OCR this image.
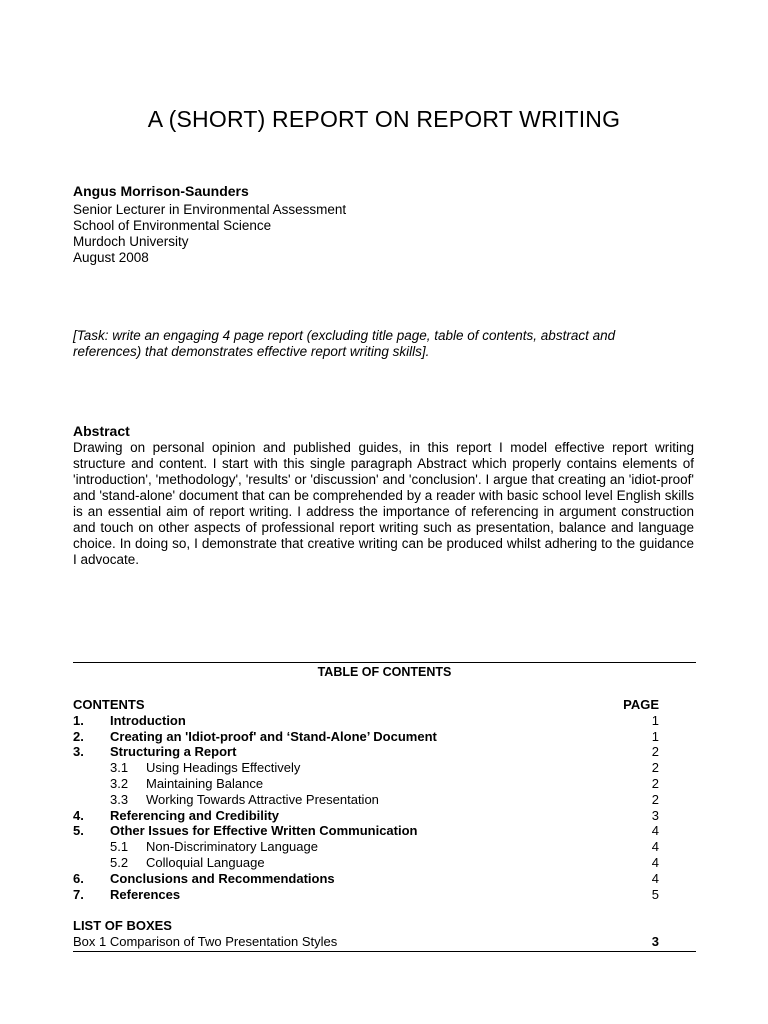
A (SHORT) REPORT ON REPORT WRITING
Angus Morrison-Saunders
Senior Lecturer in Environmental Assessment
School of Environmental Science
Murdoch University
August 2008
[Task: write an engaging 4 page report (excluding title page, table of contents, abstract and references) that demonstrates effective report writing skills].
Abstract
Drawing on personal opinion and published guides, in this report I model effective report writing structure and content. I start with this single paragraph Abstract which properly contains elements of 'introduction', 'methodology', 'results' or 'discussion' and 'conclusion'. I argue that creating an 'idiot-proof' and 'stand-alone' document that can be comprehended by a reader with basic school level English skills is an essential aim of report writing. I address the importance of referencing in argument construction and touch on other aspects of professional report writing such as presentation, balance and language choice. In doing so, I demonstrate that creative writing can be produced whilst adhering to the guidance I advocate.
TABLE OF CONTENTS
CONTENTS	PAGE
1. Introduction	1
2. Creating an 'Idiot-proof' and ‘Stand-Alone’ Document	1
3. Structuring a Report	2
3.1 Using Headings Effectively	2
3.2 Maintaining Balance	2
3.3 Working Towards Attractive Presentation	2
4. Referencing and Credibility	3
5. Other Issues for Effective Written Communication	4
5.1 Non-Discriminatory Language	4
5.2 Colloquial Language	4
6. Conclusions and Recommendations	4
7. References	5
LIST OF BOXES
Box 1 Comparison of Two Presentation Styles	3
